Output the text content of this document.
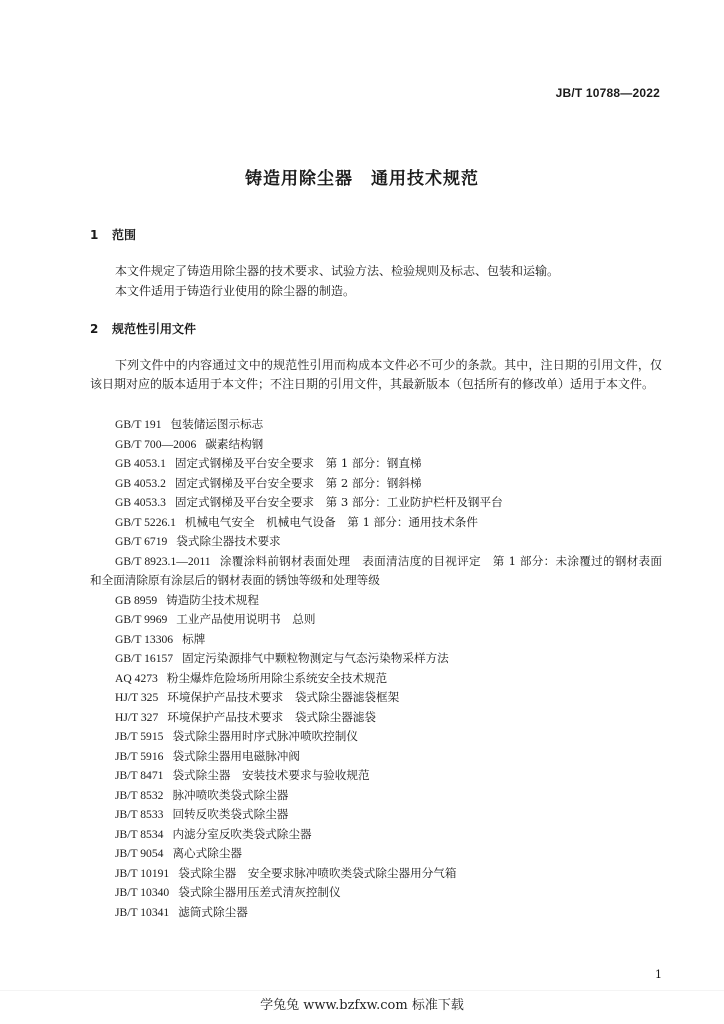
JB/T 10788—2022
铸造用除尘器　通用技术规范
1 范围
本文件规定了铸造用除尘器的技术要求、试验方法、检验规则及标志、包装和运输。
本文件适用于铸造行业使用的除尘器的制造。
2 规范性引用文件
下列文件中的内容通过文中的规范性引用而构成本文件必不可少的条款。其中，注日期的引用文件，仅该日期对应的版本适用于本文件；不注日期的引用文件，其最新版本（包括所有的修改单）适用于本文件。
GB/T 191 包装储运图示标志
GB/T 700—2006 碳素结构钢
GB 4053.1 固定式钢梯及平台安全要求　第 1 部分：钢直梯
GB 4053.2 固定式钢梯及平台安全要求　第 2 部分：钢斜梯
GB 4053.3 固定式钢梯及平台安全要求　第 3 部分：工业防护栏杆及钢平台
GB/T 5226.1 机械电气安全　机械电气设备　第 1 部分：通用技术条件
GB/T 6719 袋式除尘器技术要求
GB/T 8923.1—2011 涂覆涂料前钢材表面处理　表面清洁度的目视评定　第 1 部分：未涂覆过的钢材表面和全面清除原有涂层后的钢材表面的锈蚀等级和处理等级
GB 8959 铸造防尘技术规程
GB/T 9969 工业产品使用说明书　总则
GB/T 13306 标牌
GB/T 16157 固定污染源排气中颗粒物测定与气态污染物采样方法
AQ 4273 粉尘爆炸危险场所用除尘系统安全技术规范
HJ/T 325 环境保护产品技术要求　袋式除尘器滤袋框架
HJ/T 327 环境保护产品技术要求　袋式除尘器滤袋
JB/T 5915 袋式除尘器用时序式脉冲喷吹控制仪
JB/T 5916 袋式除尘器用电磁脉冲阀
JB/T 8471 袋式除尘器　安装技术要求与验收规范
JB/T 8532 脉冲喷吹类袋式除尘器
JB/T 8533 回转反吹类袋式除尘器
JB/T 8534 内滤分室反吹类袋式除尘器
JB/T 9054 离心式除尘器
JB/T 10191 袋式除尘器　安全要求脉冲喷吹类袋式除尘器用分气箱
JB/T 10340 袋式除尘器用压差式清灰控制仪
JB/T 10341 滤筒式除尘器
1
学兔兔 www.bzfxw.com 标准下载
